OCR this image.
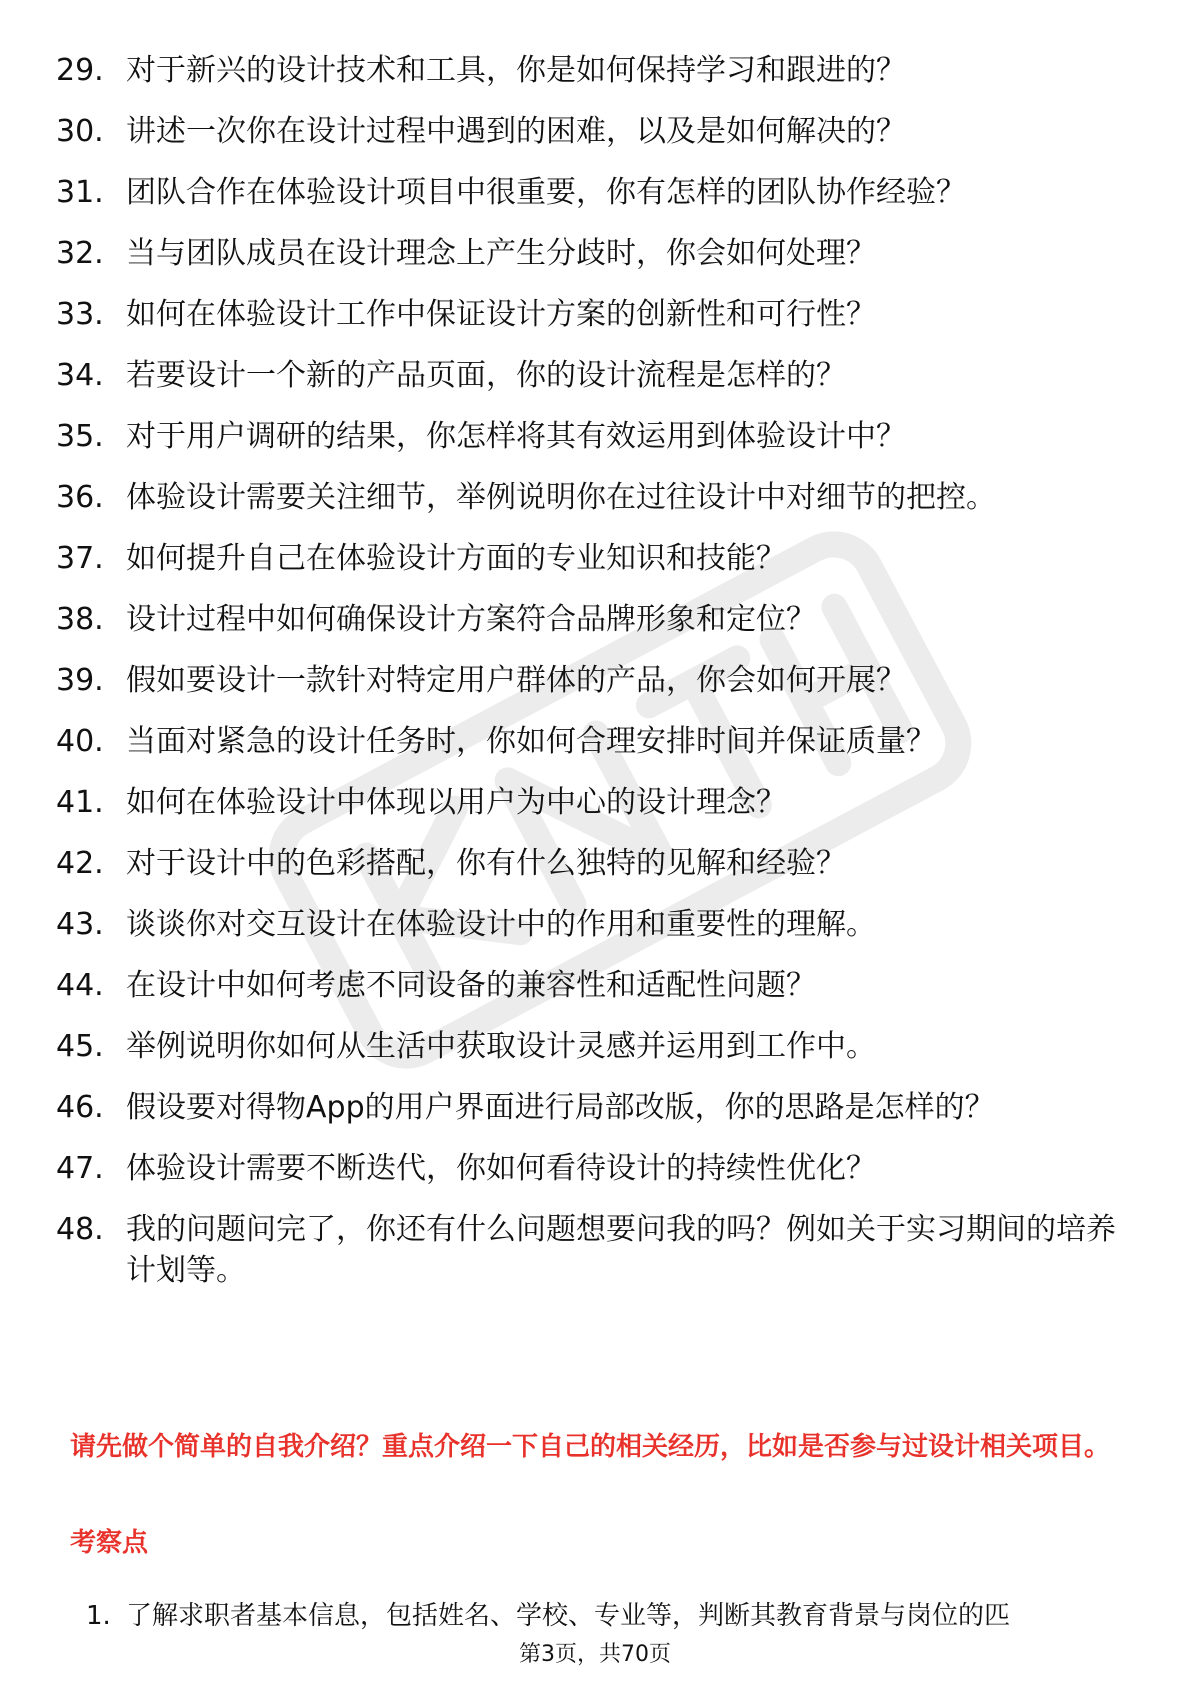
29. 对于新兴的设计技术和工具，你是如何保持学习和跟进的？
30. 讲述一次你在设计过程中遇到的困难，以及是如何解决的？
31. 团队合作在体验设计项目中很重要，你有怎样的团队协作经验？
32. 当与团队成员在设计理念上产生分歧时，你会如何处理？
33. 如何在体验设计工作中保证设计方案的创新性和可行性？
34. 若要设计一个新的产品页面，你的设计流程是怎样的？
35. 对于用户调研的结果，你怎样将其有效运用到体验设计中？
36. 体验设计需要关注细节，举例说明你在过往设计中对细节的把控。
37. 如何提升自己在体验设计方面的专业知识和技能？
38. 设计过程中如何确保设计方案符合品牌形象和定位？
39. 假如要设计一款针对特定用户群体的产品，你会如何开展？
40. 当面对紧急的设计任务时，你如何合理安排时间并保证质量？
41. 如何在体验设计中体现以用户为中心的设计理念？
42. 对于设计中的色彩搭配，你有什么独特的见解和经验？
43. 谈谈你对交互设计在体验设计中的作用和重要性的理解。
44. 在设计中如何考虑不同设备的兼容性和适配性问题？
45. 举例说明你如何从生活中获取设计灵感并运用到工作中。
46. 假设要对得物App的用户界面进行局部改版，你的思路是怎样的？
47. 体验设计需要不断迭代，你如何看待设计的持续性优化？
48. 我的问题问完了，你还有什么问题想要问我的吗？例如关于实习期间的培养计划等。

请先做个简单的自我介绍？重点介绍一下自己的相关经历，比如是否参与过设计相关项目。

考察点
1. 了解求职者基本信息，包括姓名、学校、专业等，判断其教育背景与岗位的匹
第3页，共70页
